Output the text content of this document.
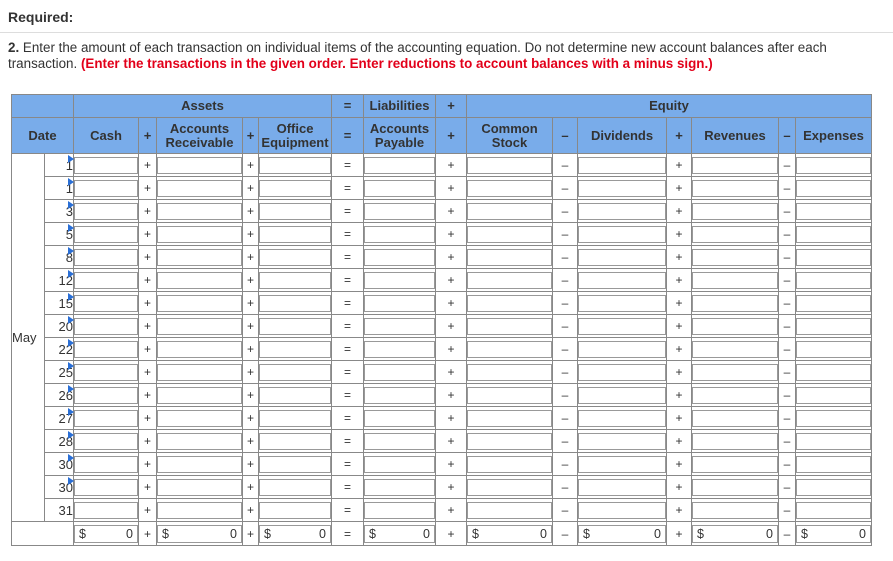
Required:
2. Enter the amount of each transaction on individual items of the accounting equation. Do not determine new account balances after each transaction. (Enter the transactions in the given order. Enter reductions to account balances with a minus sign.)
		Assets					=	Liabilities	+	Equity						
Date		Cash	+	Accounts Receivable	+	Office Equipment	=	Accounts Payable	+	Common Stock	–	Dividends	+	Revenues	–	Expenses
May	1		+		+		=		+		–		+		–	

	1		+		+		=		+		–		+		–	

	3		+		+		=		+		–		+		–	

	5		+		+		=		+		–		+		–	

	8		+		+		=		+		–		+		–	

	12		+		+		=		+		–		+		–	

	15		+		+		=		+		–		+		–	

	20		+		+		=		+		–		+		–	

	22		+		+		=		+		–		+		–	

	25		+		+		=		+		–		+		–	

	26		+		+		=		+		–		+		–	

	27		+		+		=		+		–		+		–	

	28		+		+		=		+		–		+		–	

	30		+		+		=		+		–		+		–	

	30		+		+		=		+		–		+		–	

	31		+		+		=		+		–		+		–	

		$ 0	+	$ 0	+	$ 0	=	$ 0	+	$ 0	–	$ 0	+	$ 0	–	$ 0
